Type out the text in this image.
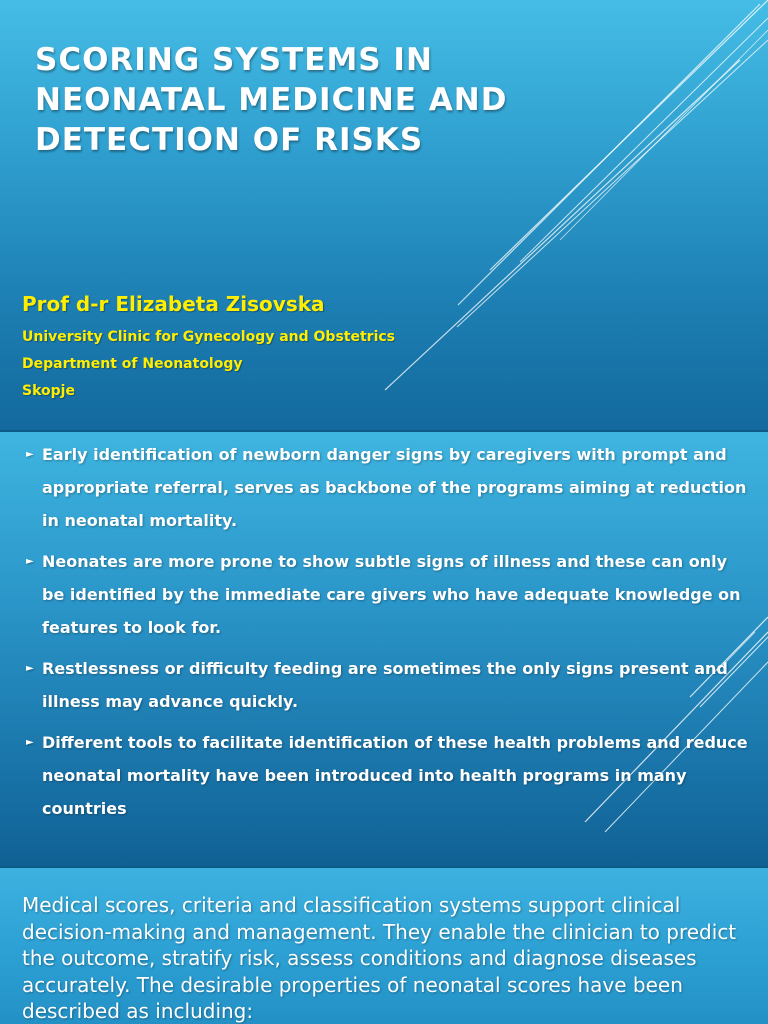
SCORING SYSTEMS IN
NEONATAL MEDICINE AND
DETECTION OF RISKS
Prof d-r Elizabeta Zisovska
University Clinic for Gynecology and Obstetrics
Department of Neonatology
Skopje
► Early identification of newborn danger signs by caregivers with prompt and appropriate referral, serves as backbone of the programs aiming at reduction in neonatal mortality.
► Neonates are more prone to show subtle signs of illness and these can only be identified by the immediate care givers who have adequate knowledge on features to look for.
► Restlessness or difficulty feeding are sometimes the only signs present and illness may advance quickly.
► Different tools to facilitate identification of these health problems and reduce neonatal mortality have been introduced into health programs in many countries

Medical scores, criteria and classification systems support clinical decision-making and management. They enable the clinician to predict the outcome, stratify risk, assess conditions and diagnose diseases accurately. The desirable properties of neonatal scores have been described as including:
